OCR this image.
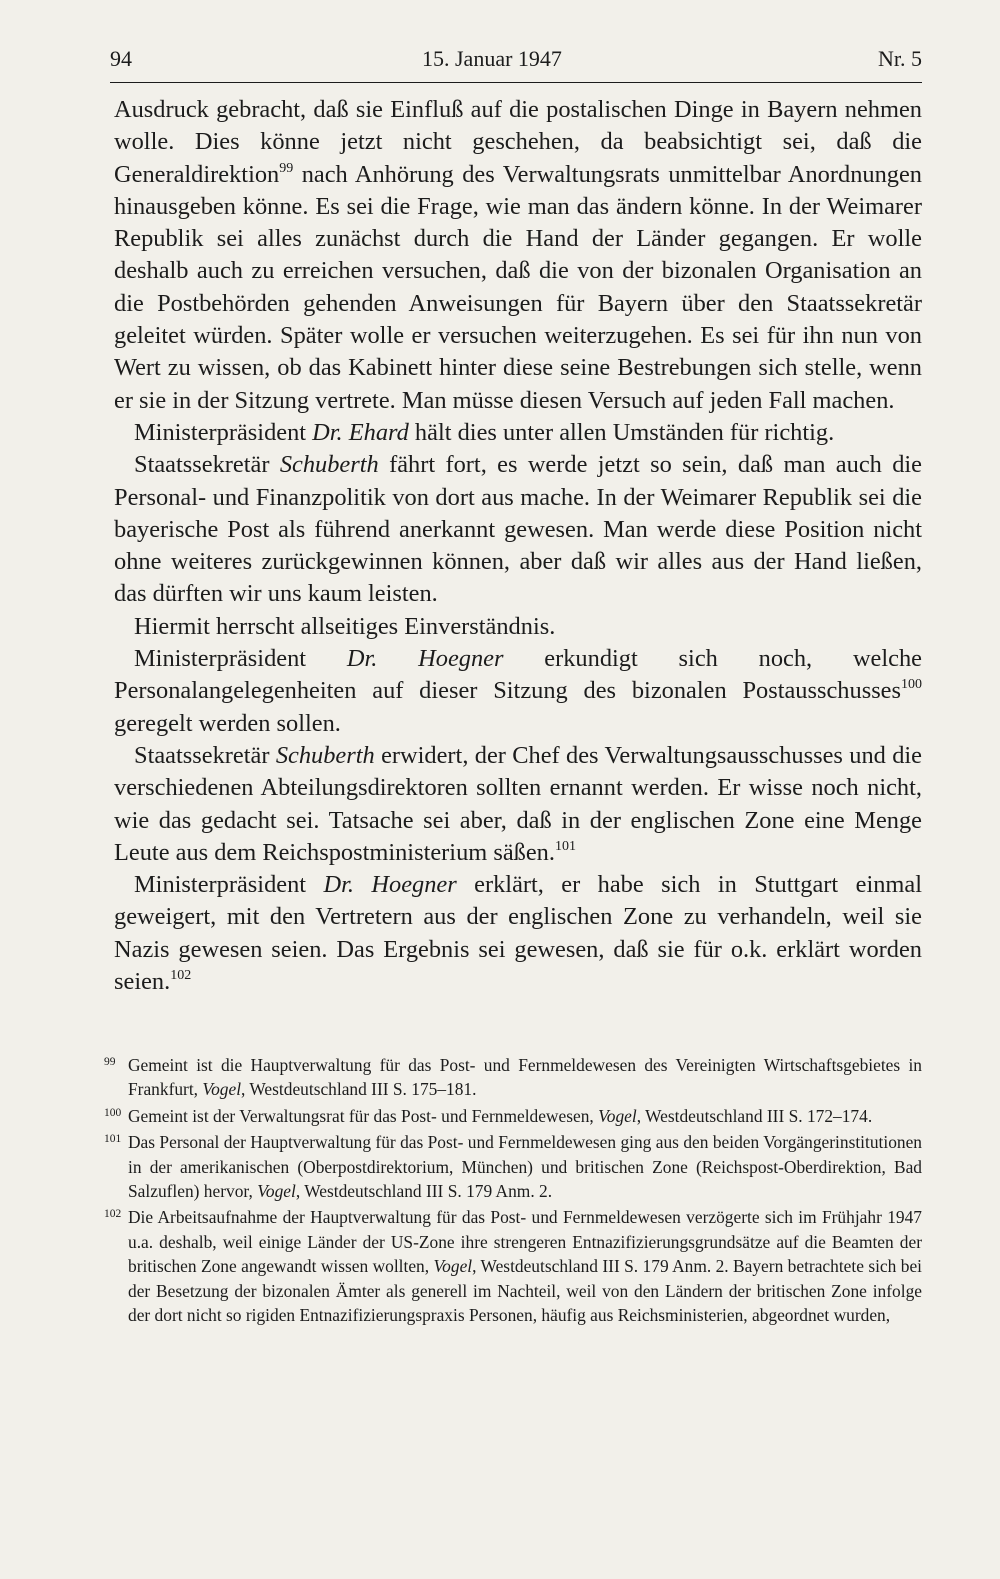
94	15. Januar 1947	Nr. 5

Ausdruck gebracht, daß sie Einfluß auf die postalischen Dinge in Bayern nehmen wolle. Dies könne jetzt nicht geschehen, da beabsichtigt sei, daß die Generaldirektion$^{99}$ nach Anhörung des Verwaltungsrats unmittelbar Anordnungen hinausgeben könne. Es sei die Frage, wie man das ändern könne. In der Weimarer Republik sei alles zunächst durch die Hand der Länder gegangen. Er wolle deshalb auch zu erreichen versuchen, daß die von der bizonalen Organisation an die Postbehörden gehenden Anweisungen für Bayern über den Staatssekretär geleitet würden. Später wolle er versuchen weiterzugehen. Es sei für ihn nun von Wert zu wissen, ob das Kabinett hinter diese seine Bestrebungen sich stelle, wenn er sie in der Sitzung vertrete. Man müsse diesen Versuch auf jeden Fall machen.

Ministerpräsident Dr. Ehard hält dies unter allen Umständen für richtig.

Staatssekretär Schuberth fährt fort, es werde jetzt so sein, daß man auch die Personal- und Finanzpolitik von dort aus mache. In der Weimarer Republik sei die bayerische Post als führend anerkannt gewesen. Man werde diese Position nicht ohne weiteres zurückgewinnen können, aber daß wir alles aus der Hand ließen, das dürften wir uns kaum leisten.

Hiermit herrscht allseitiges Einverständnis.

Ministerpräsident Dr. Hoegner erkundigt sich noch, welche Personalangelegenheiten auf dieser Sitzung des bizonalen Postausschusses$^{100}$ geregelt werden sollen.

Staatssekretär Schuberth erwidert, der Chef des Verwaltungsausschusses und die verschiedenen Abteilungsdirektoren sollten ernannt werden. Er wisse noch nicht, wie das gedacht sei. Tatsache sei aber, daß in der englischen Zone eine Menge Leute aus dem Reichspostministerium säßen.$^{101}$

Ministerpräsident Dr. Hoegner erklärt, er habe sich in Stuttgart einmal geweigert, mit den Vertretern aus der englischen Zone zu verhandeln, weil sie Nazis gewesen seien. Das Ergebnis sei gewesen, daß sie für o.k. erklärt worden seien.$^{102}$

99 Gemeint ist die Hauptverwaltung für das Post- und Fernmeldewesen des Vereinigten Wirtschaftsgebietes in Frankfurt, Vogel, Westdeutschland III S. 175–181.
100 Gemeint ist der Verwaltungsrat für das Post- und Fernmeldewesen, Vogel, Westdeutschland III S. 172–174.
101 Das Personal der Hauptverwaltung für das Post- und Fernmeldewesen ging aus den beiden Vorgängerinstitutionen in der amerikanischen (Oberpostdirektorium, München) und britischen Zone (Reichspost-Oberdirektion, Bad Salzuflen) hervor, Vogel, Westdeutschland III S. 179 Anm. 2.
102 Die Arbeitsaufnahme der Hauptverwaltung für das Post- und Fernmeldewesen verzögerte sich im Frühjahr 1947 u.a. deshalb, weil einige Länder der US-Zone ihre strengeren Entnazifizierungsgrundsätze auf die Beamten der britischen Zone angewandt wissen wollten, Vogel, Westdeutschland III S. 179 Anm. 2. Bayern betrachtete sich bei der Besetzung der bizonalen Ämter als generell im Nachteil, weil von den Ländern der britischen Zone infolge der dort nicht so rigiden Entnazifizierungspraxis Personen, häufig aus Reichsministerien, abgeordnet wurden,
